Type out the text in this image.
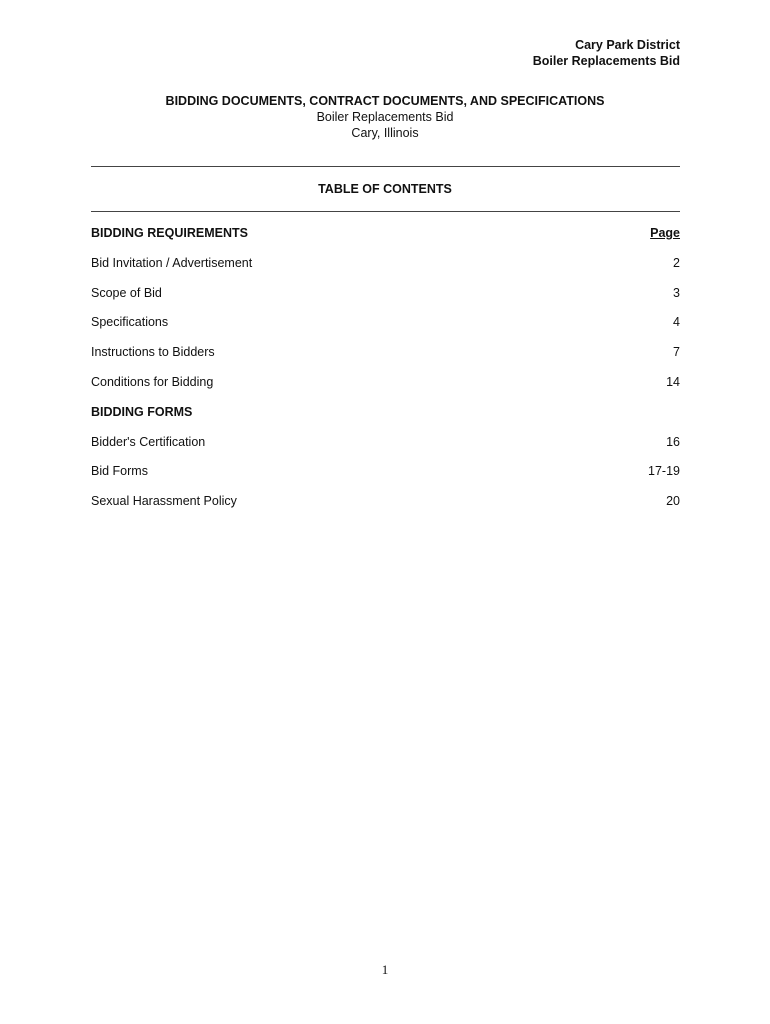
Cary Park District
Boiler Replacements Bid
BIDDING DOCUMENTS, CONTRACT DOCUMENTS, AND SPECIFICATIONS
Boiler Replacements Bid
Cary, Illinois
TABLE OF CONTENTS
BIDDING REQUIREMENTS	Page
Bid Invitation / Advertisement	2
Scope of Bid	3
Specifications	4
Instructions to Bidders	7
Conditions for Bidding	14
BIDDING FORMS
Bidder's Certification	16
Bid Forms	17-19
Sexual Harassment Policy	20
1
